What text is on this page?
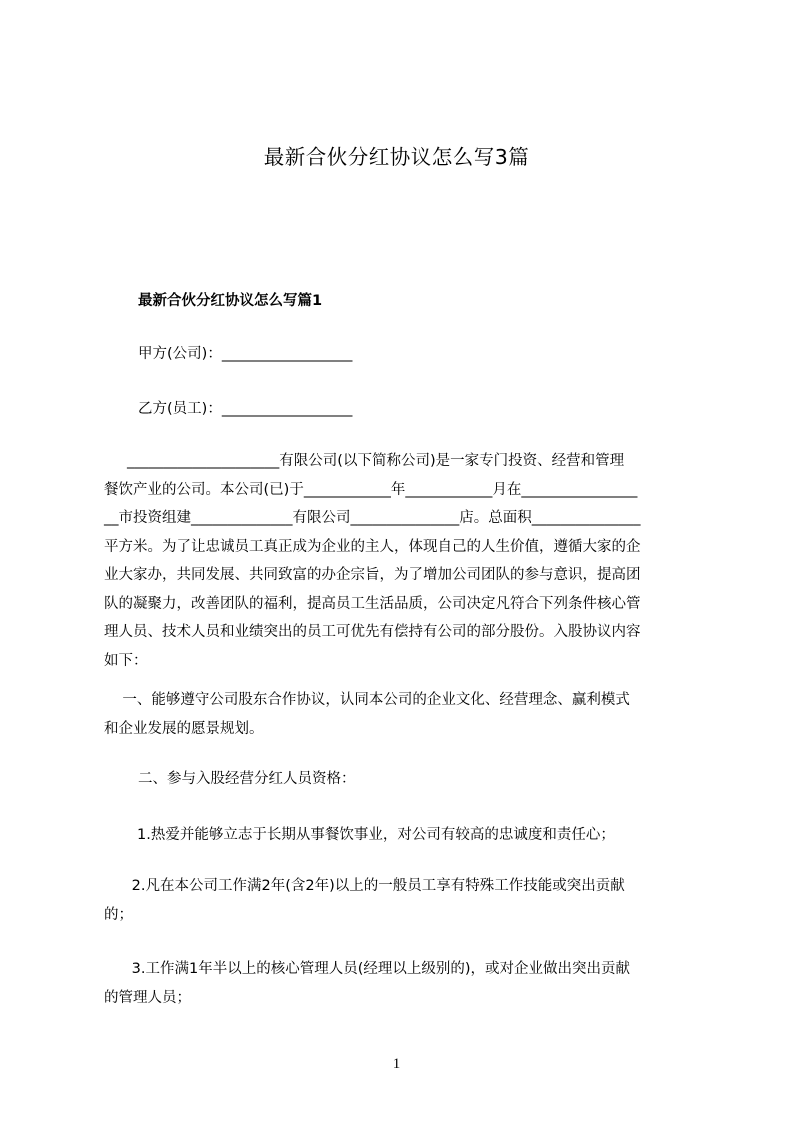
最新合伙分红协议怎么写3篇
最新合伙分红协议怎么写篇1
甲方(公司)：__________________
乙方(员工)：__________________
_____________________有限公司(以下简称公司)是一家专门投资、经营和管理
餐饮产业的公司。本公司(已)于____________年____________月在________________
__市投资组建______________有限公司_______________店。总面积_______________
平方米。为了让忠诚员工真正成为企业的主人，体现自己的人生价值，遵循大家的企
业大家办，共同发展、共同致富的办企宗旨，为了增加公司团队的参与意识，提高团
队的凝聚力，改善团队的福利，提高员工生活品质，公司决定凡符合下列条件核心管
理人员、技术人员和业绩突出的员工可优先有偿持有公司的部分股份。入股协议内容
如下：
一、能够遵守公司股东合作协议，认同本公司的企业文化、经营理念、赢利模式
和企业发展的愿景规划。
二、参与入股经营分红人员资格：
1.热爱并能够立志于长期从事餐饮事业，对公司有较高的忠诚度和责任心；
2.凡在本公司工作满2年(含2年)以上的一般员工享有特殊工作技能或突出贡献
的；
3.工作满1年半以上的核心管理人员(经理以上级别的)，或对企业做出突出贡献
的管理人员；
1
